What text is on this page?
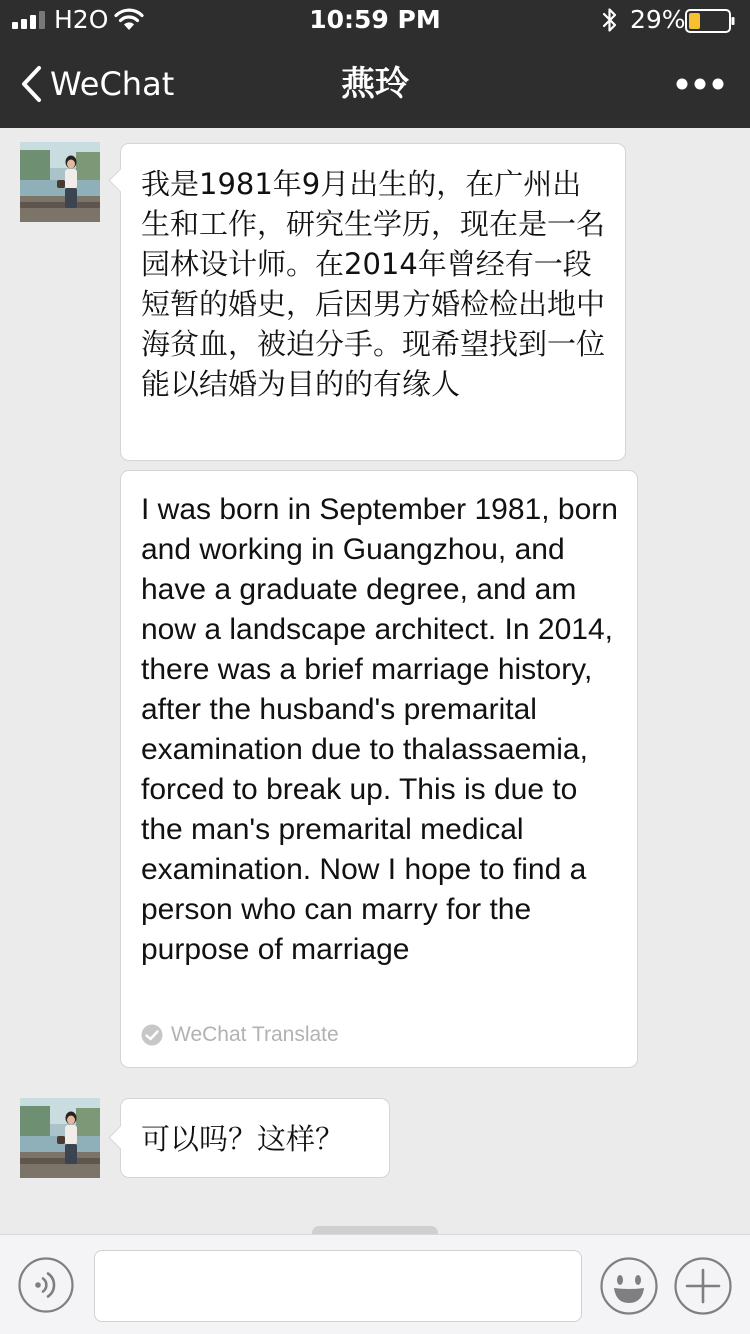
H2O	10:59 PM	29%
WeChat	燕玲
我是1981年9月出生的，在广州出生和工作，研究生学历，现在是一名园林设计师。在2014年曾经有一段短暂的婚史，后因男方婚检检出地中海贫血，被迫分手。现希望找到一位能以结婚为目的的有缘人
I was born in September 1981, born and working in Guangzhou, and have a graduate degree, and am now a landscape architect. In 2014, there was a brief marriage history, after the husband's premarital examination due to thalassaemia, forced to break up. This is due to the man's premarital medical examination. Now I hope to find a person who can marry for the purpose of marriage
WeChat Translate
可以吗？这样？
